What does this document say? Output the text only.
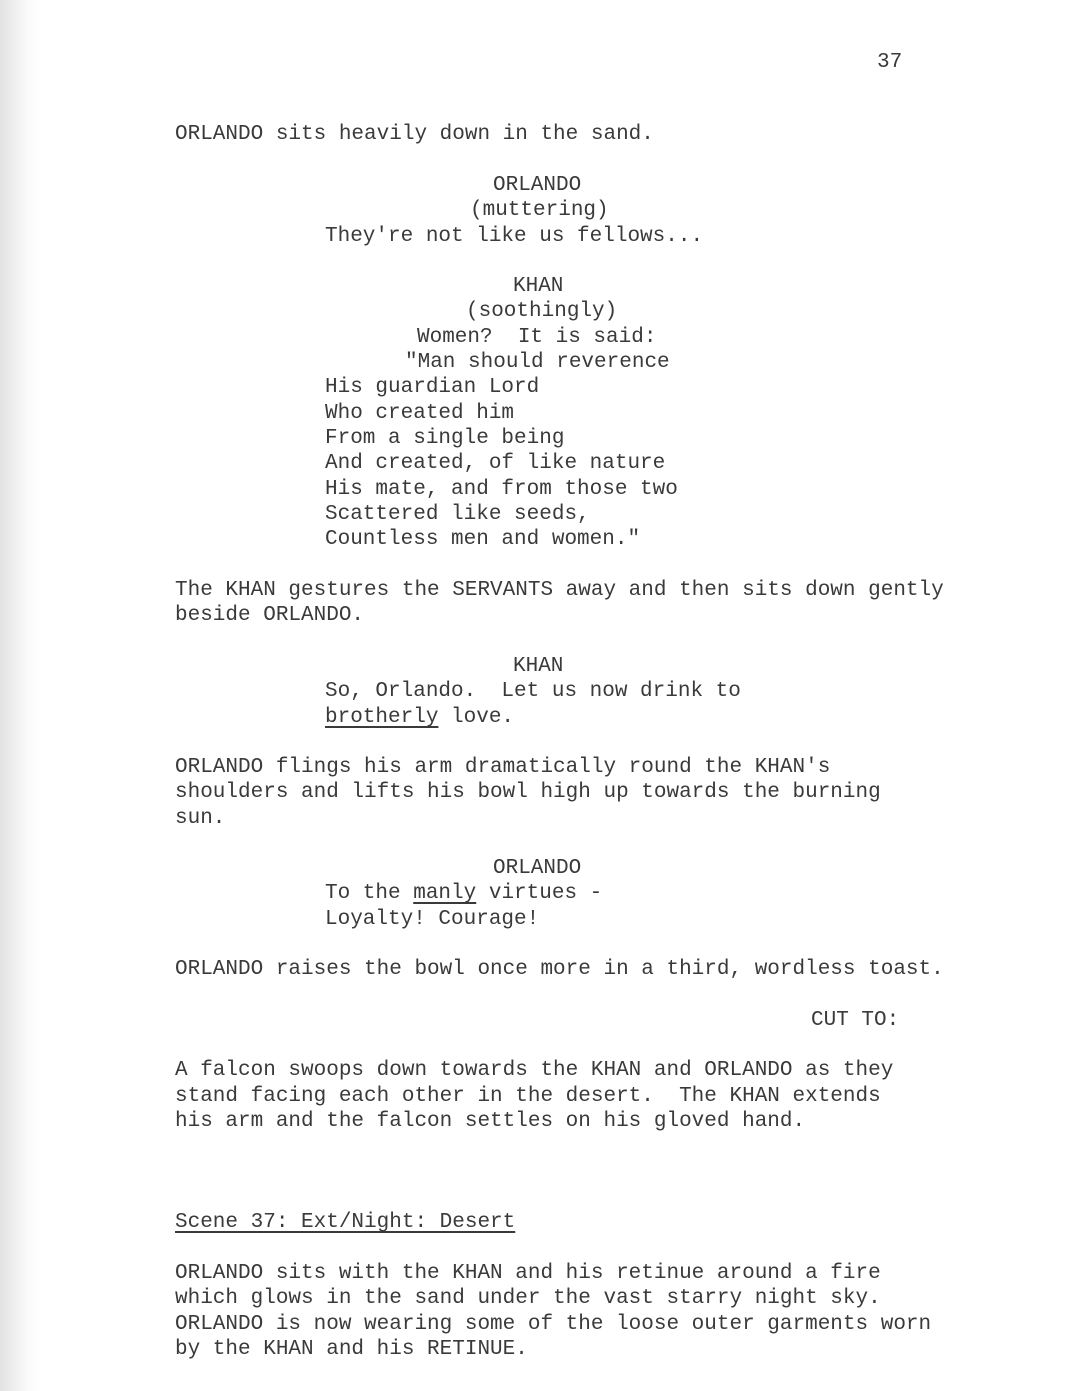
37
ORLANDO sits heavily down in the sand.
ORLANDO
(muttering)
They're not like us fellows...
KHAN
(soothingly)
Women?  It is said:
"Man should reverence
His guardian Lord
Who created him
From a single being
And created, of like nature
His mate, and from those two
Scattered like seeds,
Countless men and women."
The KHAN gestures the SERVANTS away and then sits down gently
beside ORLANDO.
KHAN
So, Orlando.  Let us now drink to
brotherly love.
ORLANDO flings his arm dramatically round the KHAN's
shoulders and lifts his bowl high up towards the burning
sun.
ORLANDO
To the manly virtues -
Loyalty! Courage!
ORLANDO raises the bowl once more in a third, wordless toast.
CUT TO:
A falcon swoops down towards the KHAN and ORLANDO as they
stand facing each other in the desert.  The KHAN extends
his arm and the falcon settles on his gloved hand.
Scene 37: Ext/Night: Desert
ORLANDO sits with the KHAN and his retinue around a fire
which glows in the sand under the vast starry night sky.
ORLANDO is now wearing some of the loose outer garments worn
by the KHAN and his RETINUE.
